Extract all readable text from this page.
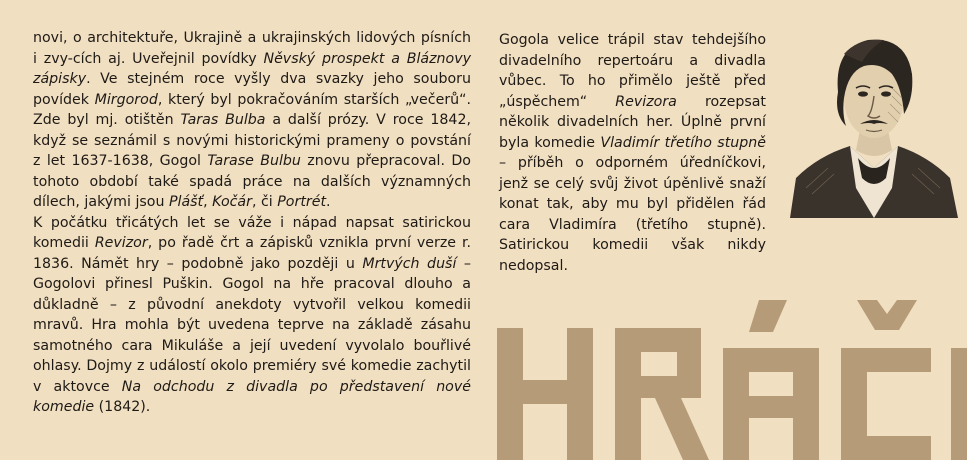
novi, o architektuře, Ukrajině a ukrajinských lidových písních i zvy-cích aj. Uveřejnil povídky Něvský prospekt a Bláznovy zápisky. Ve stejném roce vyšly dva svazky jeho souboru povídek Mirgorod, který byl pokračováním starších „večerů“. Zde byl mj. otištěn Taras Bulba a další prózy. V roce 1842, když se seznámil s novými historickými prameny o povstání z let 1637-1638, Gogol Tarase Bulbu znovu přepracoval. Do tohoto období také spadá práce na dalších významných dílech, jakými jsou Plášť, Kočár, či Portrét.

K počátku třicátých let se váže i nápad napsat satirickou komedii Revizor, po řadě črt a zápisků vznikla první verze r. 1836. Námět hry – podobně jako později u Mrtvých duší – Gogolovi přinesl Puškin. Gogol na hře pracoval dlouho a důkladně – z původní anekdoty vytvořil velkou komedii mravů. Hra mohla být uvedena teprve na základě zásahu samotného cara Mikuláše a její uvedení vyvolalo bouřlivé ohlasy. Dojmy z událostí okolo premiéry své komedie zachytil v aktovce Na odchodu z divadla po představení nové komedie (1842).

Gogola velice trápil stav tehdejšího divadelního repertoáru a divadla vůbec. To ho přimělo ještě před „úspěchem“ Revizora rozepsat několik divadelních her. Úplně první byla komedie Vladimír třetího stupně – příběh o odporném úředníčkovi, jenž se celý svůj život úpěnlivě snaží konat tak, aby mu byl přidělen řád cara Vladimíra (třetího stupně). Satirickou komedii však nikdy nedopsal.
